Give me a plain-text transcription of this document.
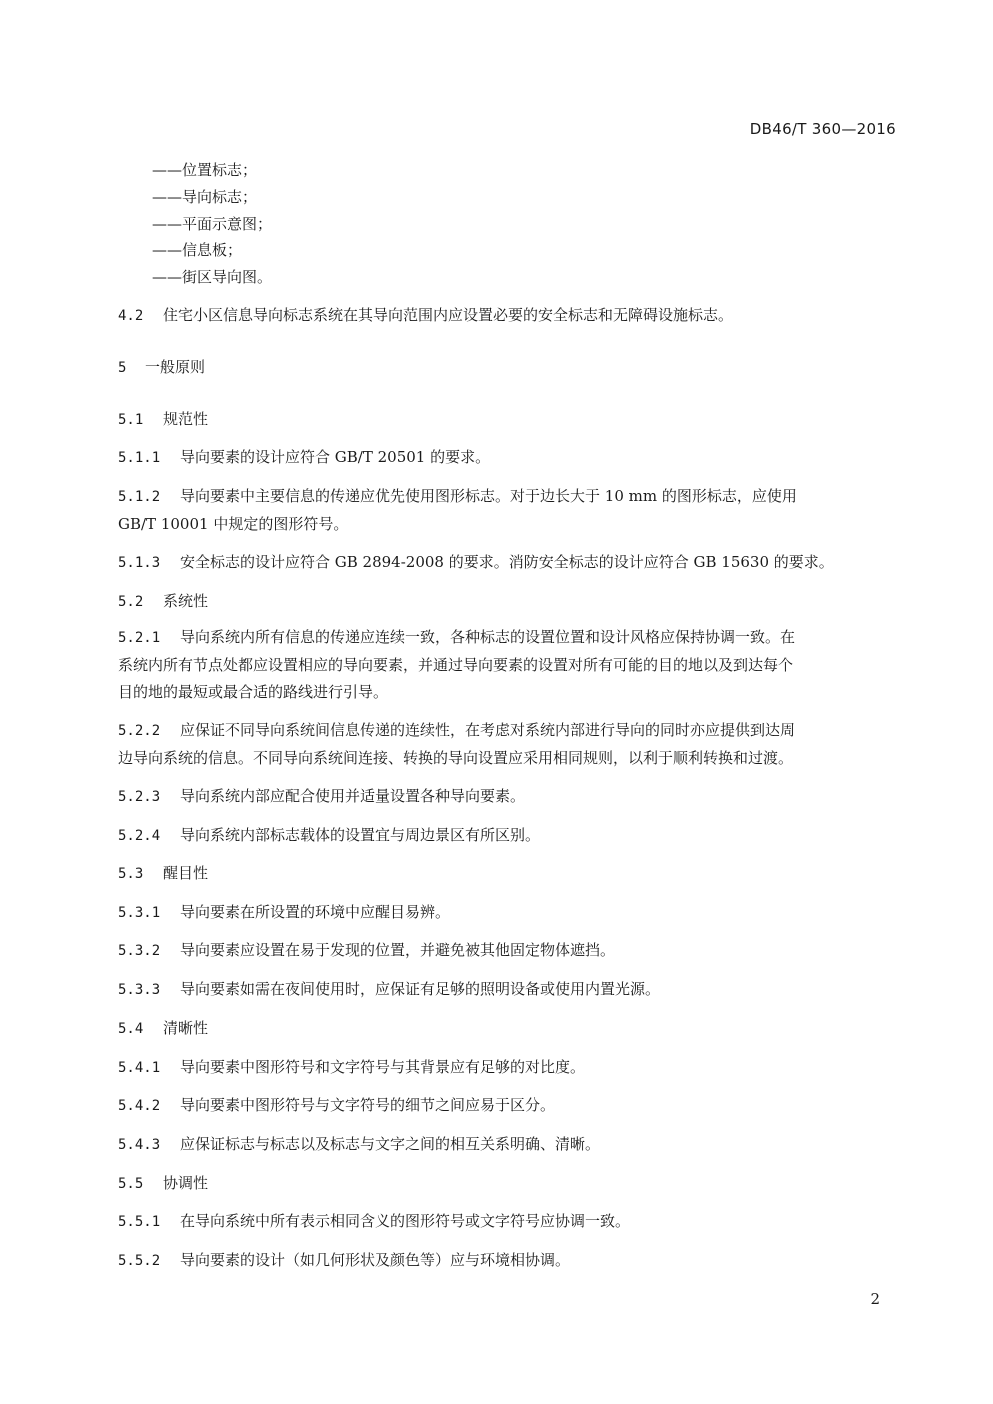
DB46/T 360—2016
——位置标志；
——导向标志；
——平面示意图；
——信息板；
——街区导向图。
4.2 住宅小区信息导向标志系统在其导向范围内应设置必要的安全标志和无障碍设施标志。
5 一般原则
5.1 规范性
5.1.1 导向要素的设计应符合 GB/T 20501 的要求。
5.1.2 导向要素中主要信息的传递应优先使用图形标志。对于边长大于 10 mm 的图形标志，应使用
GB/T 10001 中规定的图形符号。
5.1.3 安全标志的设计应符合 GB 2894-2008 的要求。消防安全标志的设计应符合 GB 15630 的要求。
5.2 系统性
5.2.1 导向系统内所有信息的传递应连续一致，各种标志的设置位置和设计风格应保持协调一致。在
系统内所有节点处都应设置相应的导向要素，并通过导向要素的设置对所有可能的目的地以及到达每个
目的地的最短或最合适的路线进行引导。
5.2.2 应保证不同导向系统间信息传递的连续性，在考虑对系统内部进行导向的同时亦应提供到达周
边导向系统的信息。不同导向系统间连接、转换的导向设置应采用相同规则，以利于顺利转换和过渡。
5.2.3 导向系统内部应配合使用并适量设置各种导向要素。
5.2.4 导向系统内部标志载体的设置宜与周边景区有所区别。
5.3 醒目性
5.3.1 导向要素在所设置的环境中应醒目易辨。
5.3.2 导向要素应设置在易于发现的位置，并避免被其他固定物体遮挡。
5.3.3 导向要素如需在夜间使用时，应保证有足够的照明设备或使用内置光源。
5.4 清晰性
5.4.1 导向要素中图形符号和文字符号与其背景应有足够的对比度。
5.4.2 导向要素中图形符号与文字符号的细节之间应易于区分。
5.4.3 应保证标志与标志以及标志与文字之间的相互关系明确、清晰。
5.5 协调性
5.5.1 在导向系统中所有表示相同含义的图形符号或文字符号应协调一致。
5.5.2 导向要素的设计（如几何形状及颜色等）应与环境相协调。
2
